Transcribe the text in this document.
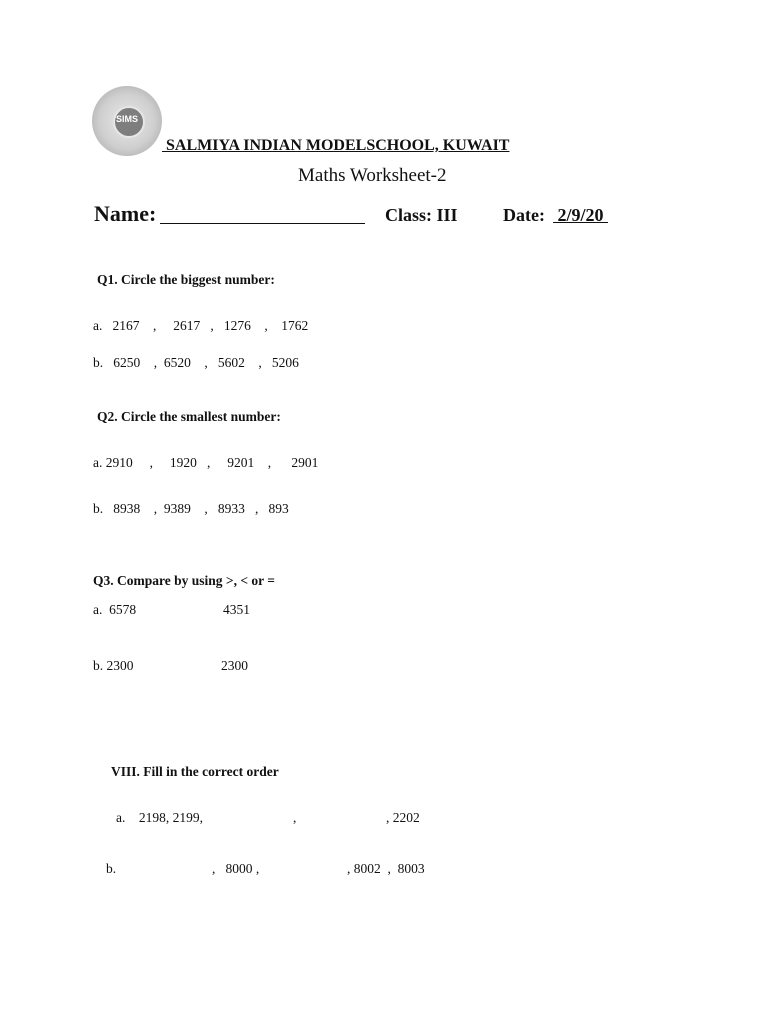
SIMS
SALMIYA INDIAN MODELSCHOOL, KUWAIT
Maths Worksheet-2
Name:	Class: III	Date: 2/9/20
Q1. Circle the biggest number:
a.   2167    ,     2617   ,   1276    ,    1762
b.   6250    ,  6520    ,   5602    ,   5206
Q2. Circle the smallest number:
a. 2910     ,     1920   ,     9201    ,      2901
b.   8938    ,  9389    ,   8933   ,   893
Q3. Compare by using >, < or =
a.  6578	4351
b. 2300	2300
VIII. Fill in the correct order
a.    2198, 2199,	,	, 2202
b.	,   8000 ,	, 8002  ,  8003
